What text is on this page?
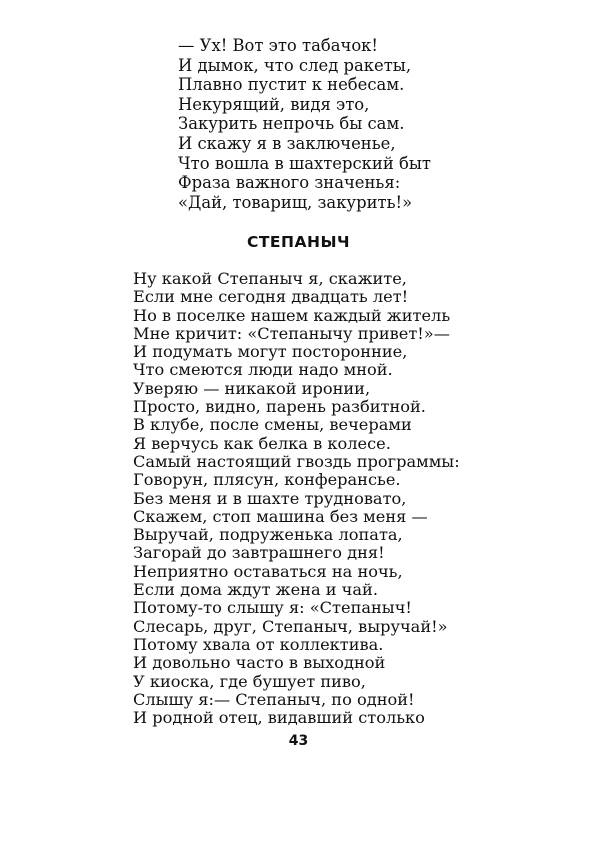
— Ух! Вот это табачок!
И дымок, что след ракеты,
Плавно пустит к небесам.
Некурящий, видя это,
Закурить непрочь бы сам.
И скажу я в заключенье,
Что вошла в шахтерский быт
Фраза важного значенья:
«Дай, товарищ, закурить!»
СТЕПАНЫЧ
Ну какой Степаныч я, скажите,
Если мне сегодня двадцать лет!
Но в поселке нашем каждый житель
Мне кричит: «Степанычу привет!»—
И подумать могут посторонние,
Что смеются люди надо мной.
Уверяю — никакой иронии,
Просто, видно, парень разбитной.
В клубе, после смены, вечерами
Я верчусь как белка в колесе.
Самый настоящий гвоздь программы:
Говорун, плясун, конферансье.
Без меня и в шахте трудновато,
Скажем, стоп машина без меня —
Выручай, подруженька лопата,
Загорай до завтрашнего дня!
Неприятно оставаться на ночь,
Если дома ждут жена и чай.
Потому-то слышу я: «Степаныч!
Слесарь, друг, Степаныч, выручай!»
Потому хвала от коллектива.
И довольно часто в выходной
У киоска, где бушует пиво,
Слышу я:— Степаныч, по одной!
И родной отец, видавший столько
43
